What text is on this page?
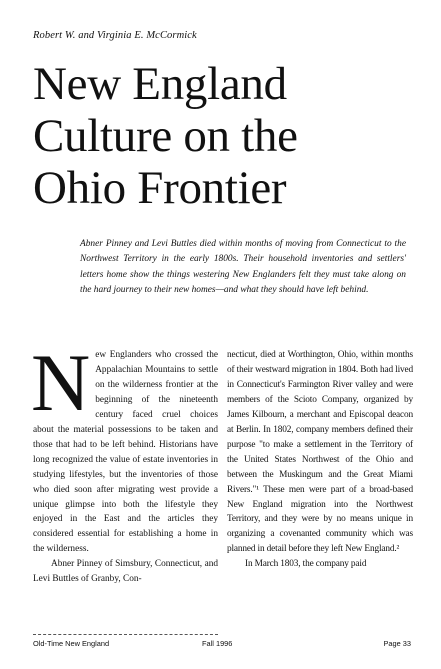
Robert W. and Virginia E. McCormick
New England
Culture on the
Ohio Frontier
Abner Pinney and Levi Buttles died within months of moving from Connecticut to the Northwest Territory in the early 1800s. Their household inventories and settlers' letters home show the things westering New Englanders felt they must take along on the hard journey to their new homes—and what they should have left behind.

New Englanders who crossed the Appalachian Mountains to settle on the wilderness frontier at the beginning of the nineteenth century faced cruel choices about the material possessions to be taken and those that had to be left behind. Historians have long recognized the value of estate inventories in studying lifestyles, but the inventories of those who died soon after migrating west provide a unique glimpse into both the lifestyle they enjoyed in the East and the articles they considered essential for establishing a home in the wilderness.

Abner Pinney of Simsbury, Connecticut, and Levi Buttles of Granby, Con-

necticut, died at Worthington, Ohio, within months of their westward migration in 1804. Both had lived in Connecticut's Farmington River valley and were members of the Scioto Company, organized by James Kilbourn, a merchant and Episcopal deacon at Berlin. In 1802, company members defined their purpose "to make a settlement in the Territory of the United States Northwest of the Ohio and between the Muskingum and the Great Miami Rivers."¹ These men were part of a broad-based New England migration into the Northwest Territory, and they were by no means unique in organizing a covenanted community which was planned in detail before they left New England.²

In March 1803, the company paid

Old-Time New England	Fall 1996	Page 33
